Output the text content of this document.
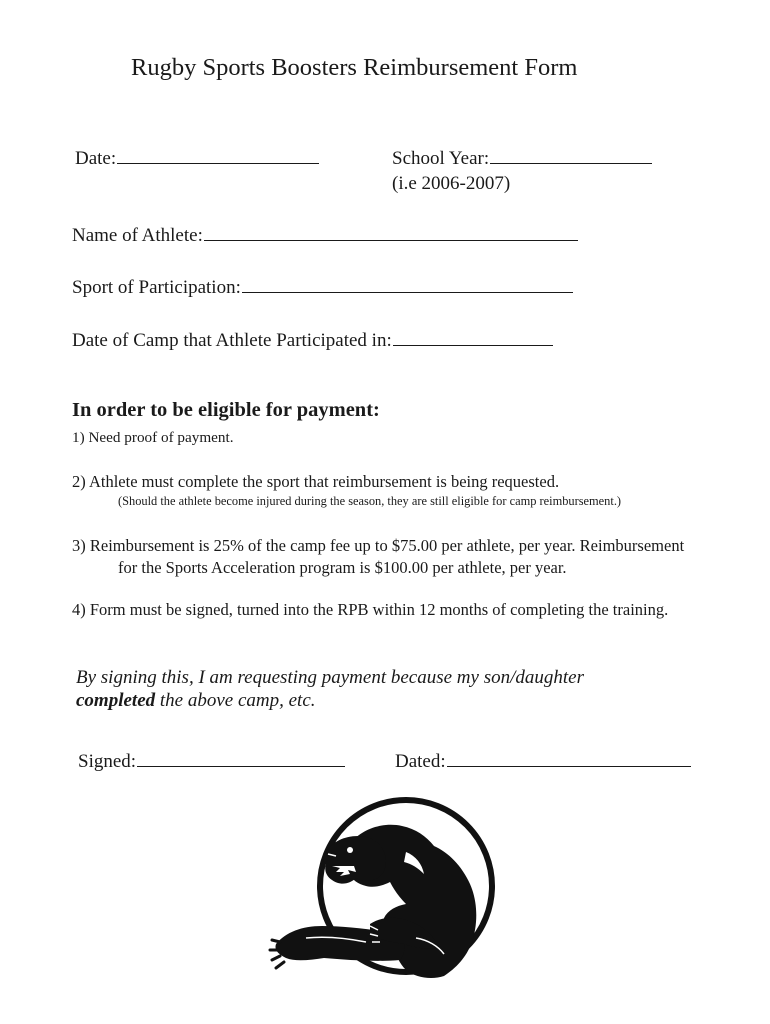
Rugby Sports Boosters Reimbursement Form
Date:	School Year:
(i.e 2006-2007)
Name of Athlete:
Sport of Participation:
Date of Camp that Athlete Participated in:
In order to be eligible for payment:
1) Need proof of payment.
2) Athlete must complete the sport that reimbursement is being requested.
(Should the athlete become injured during the season, they are still eligible for camp reimbursement.)
3) Reimbursement is 25% of the camp fee up to $75.00 per athlete, per year. Reimbursement
for the Sports Acceleration program is $100.00 per athlete, per year.
4) Form must be signed, turned into the RPB within 12 months of completing the training.
By signing this, I am requesting payment because my son/daughter
completed the above camp, etc.
Signed:	Dated:
